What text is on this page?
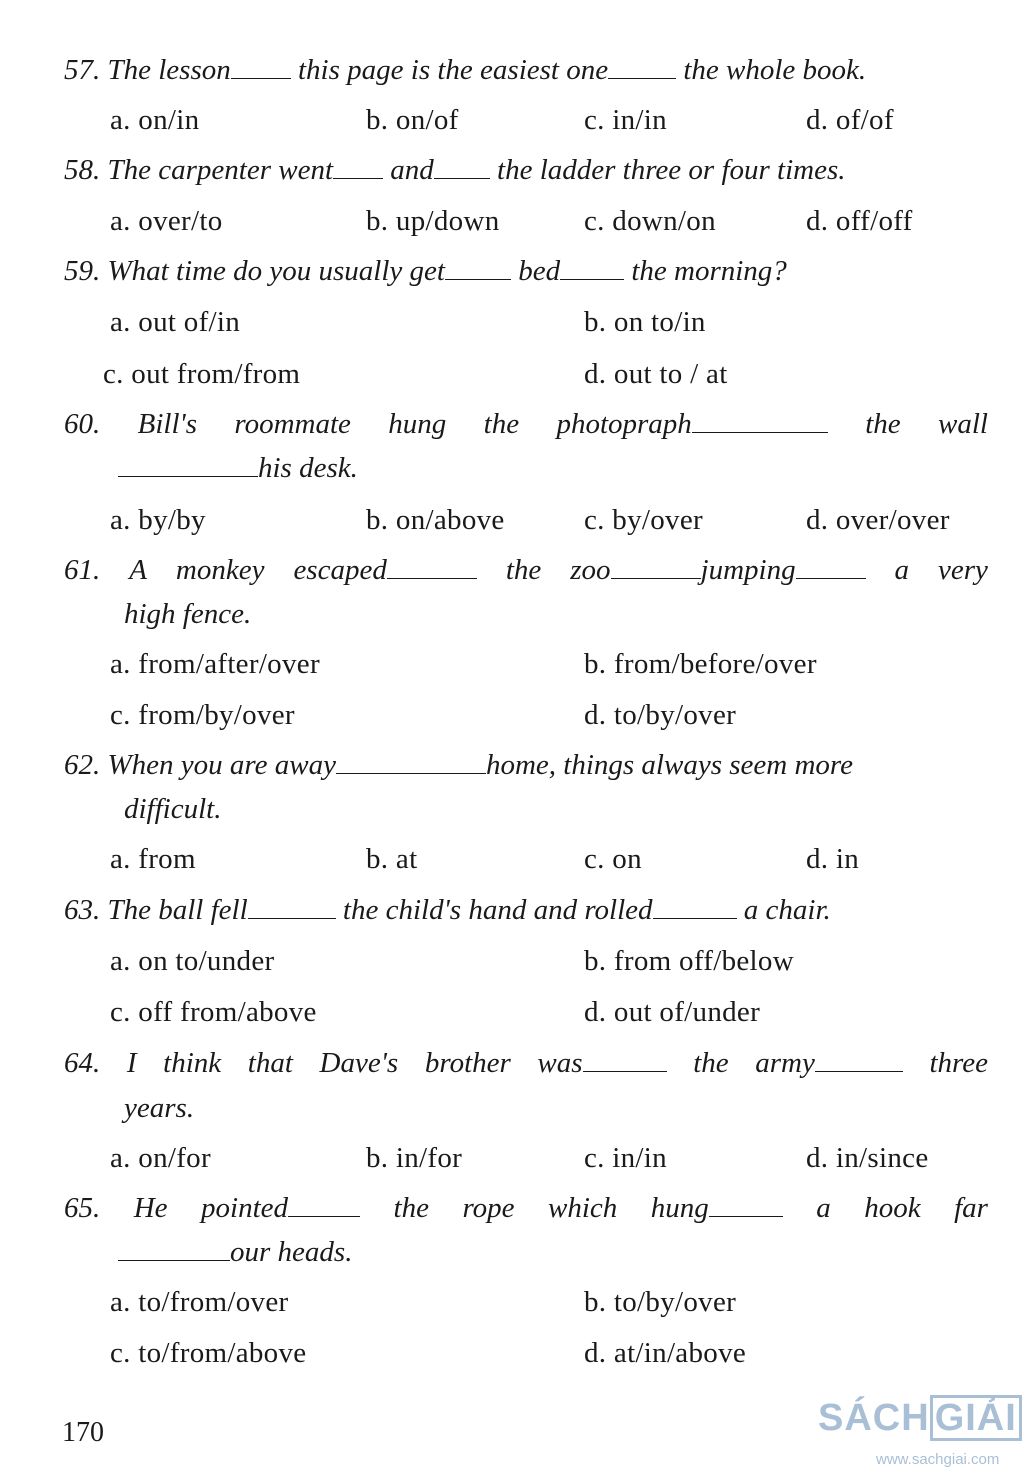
57. The lesson this page is the easiest one	the whole book.
a. on/in	b. on/of	c. in/in	d. of/of
58. The carpenter went and the ladder three or four times.
a. over/to	b. up/down	c. down/on	d. off/off
59. What time do you usually get	bed the morning?
a. out of/in	b. on to/in
c. out from/from	d. out to / at
60. Bill's roommate hung the photopraph	the wall
his desk.
a. by/by	b. on/above	c. by/over	d. over/over
61. A monkey escaped	the zoo	jumping	a very
high fence.
a. from/after/over	b. from/before/over
c. from/by/over	d. to/by/over
62. When you are away	home, things always seem more
difficult.
a. from	b. at	c. on	d. in
63. The ball fell	the child's hand and rolled	a chair.
a. on to/under	b. from off/below
c. off from/above	d. out of/under
64. I think that Dave's brother was	the army	three
years.
a. on/for	b. in/for	c. in/in	d. in/since
65. He pointed	the rope which hung	a hook far
our heads.
a. to/from/over	b. to/by/over
c. to/from/above	d. at/in/above
170	SÁCH GIẢI
www.sachgiai.com
